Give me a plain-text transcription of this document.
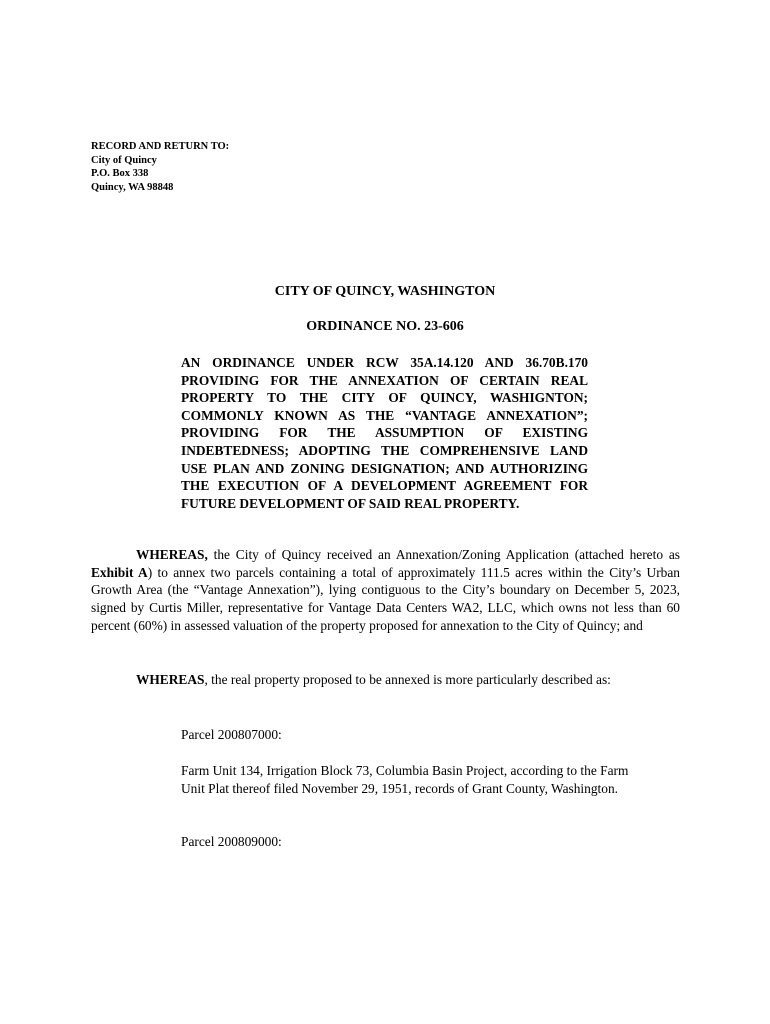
RECORD AND RETURN TO:
City of Quincy
P.O. Box 338
Quincy, WA 98848
CITY OF QUINCY, WASHINGTON
ORDINANCE NO. 23-606
AN ORDINANCE UNDER RCW 35A.14.120 AND 36.70B.170 PROVIDING FOR THE ANNEXATION OF CERTAIN REAL PROPERTY TO THE CITY OF QUINCY, WASHIGNTON; COMMONLY KNOWN AS THE “VANTAGE ANNEXATION”; PROVIDING FOR THE ASSUMPTION OF EXISTING INDEBTEDNESS; ADOPTING THE COMPREHENSIVE LAND USE PLAN AND ZONING DESIGNATION; AND AUTHORIZING THE EXECUTION OF A DEVELOPMENT AGREEMENT FOR FUTURE DEVELOPMENT OF SAID REAL PROPERTY.
WHEREAS, the City of Quincy received an Annexation/Zoning Application (attached hereto as Exhibit A) to annex two parcels containing a total of approximately 111.5 acres within the City’s Urban Growth Area (the “Vantage Annexation”), lying contiguous to the City’s boundary on December 5, 2023, signed by Curtis Miller, representative for Vantage Data Centers WA2, LLC, which owns not less than 60 percent (60%) in assessed valuation of the property proposed for annexation to the City of Quincy; and
WHEREAS, the real property proposed to be annexed is more particularly described as:
Parcel 200807000:
Farm Unit 134, Irrigation Block 73, Columbia Basin Project, according to the Farm Unit Plat thereof filed November 29, 1951, records of Grant County, Washington.
Parcel 200809000:
